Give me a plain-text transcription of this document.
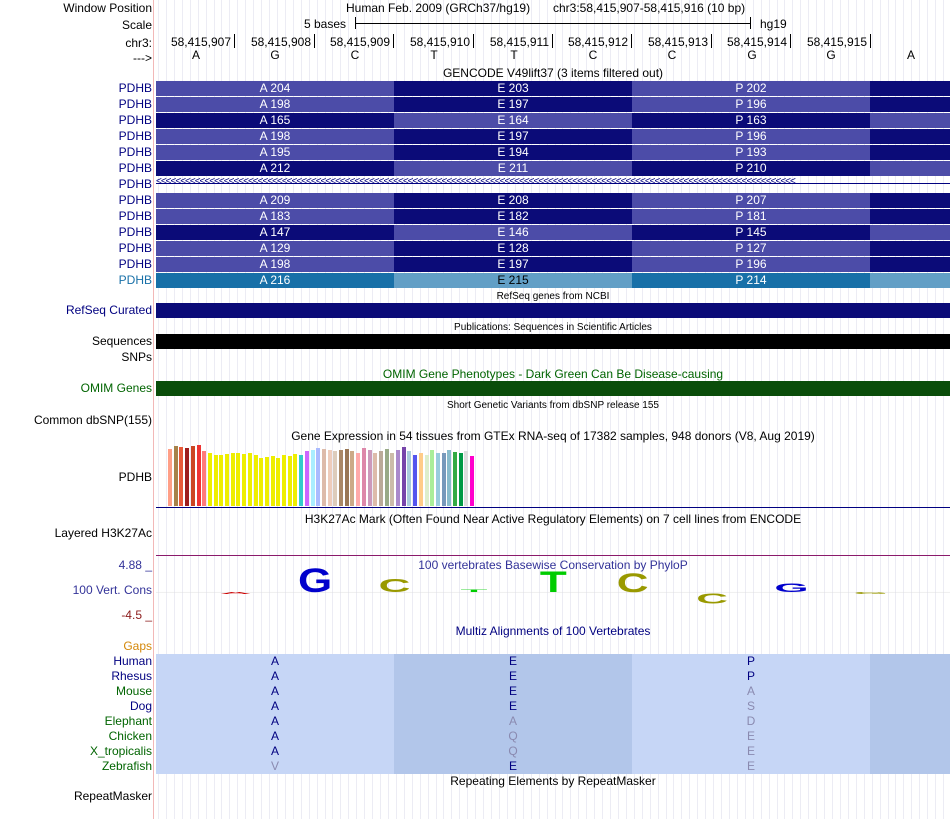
Window Position	Human Feb. 2009 (GRCh37/hg19) chr3:58,415,907-58,415,916 (10 bp)
Scale	5 bases	hg19
chr3:
--->
58,415,907	58,415,908	58,415,909	58,415,910	58,415,911	58,415,912	58,415,913	58,415,914	58,415,915
A	G	C	T	T	C	C	G	G	A
GENCODE V49lift37 (3 items filtered out)
PDHB	A 204	E 203	P 202
PDHB	A 198	E 197	P 196
PDHB	A 165	E 164	P 163
PDHB	A 198	E 197	P 196
PDHB	A 195	E 194	P 193
PDHB	A 212	E 211	P 210
PDHB <<<<<<<<<<<<<<<<<<<<<<<<<<<<<<<<<<<<<<<<<<<<<<<<<<<<<<<<<<<<<<<<<<<<<<<<<<<<<<<<<<<<<<<<<<<<<<<<<<<<<<<<<<<<<<<<<<<<<<<<<<<<<<<<<<<<
PDHB	A 209	E 208	P 207
PDHB	A 183	E 182	P 181
PDHB	A 147	E 146	P 145
PDHB	A 129	E 128	P 127
PDHB	A 198	E 197	P 196
PDHB	A 216	E 215	P 214
RefSeq genes from NCBI
RefSeq Curated
Publications: Sequences in Scientific Articles
Sequences
SNPs
OMIM Gene Phenotypes - Dark Green Can Be Disease-causing
OMIM Genes
Short Genetic Variants from dbSNP release 155
Common dbSNP(155)
Gene Expression in 54 tissues from GTEx RNA-seq of 17382 samples, 948 donors (V8, Aug 2019)
PDHB
H3K27Ac Mark (Often Found Near Active Regulatory Elements) on 7 cell lines from ENCODE
Layered H3K27Ac
100 vertebrates Basewise Conservation by PhyloP
100 Vert. Cons
4.88 _
-4.5 _
A G C	T	T	C
C
G G
Multiz Alignments of 100 Vertebrates
Gaps
Human	A	E	P
Rhesus	A	E	P
Mouse	A	E	A
Dog	A	E	S
Elephant	A	A	D
Chicken	A	Q	E
X_tropicalis	A	Q	E
Zebrafish	V	E	E
Repeating Elements by RepeatMasker
RepeatMasker
